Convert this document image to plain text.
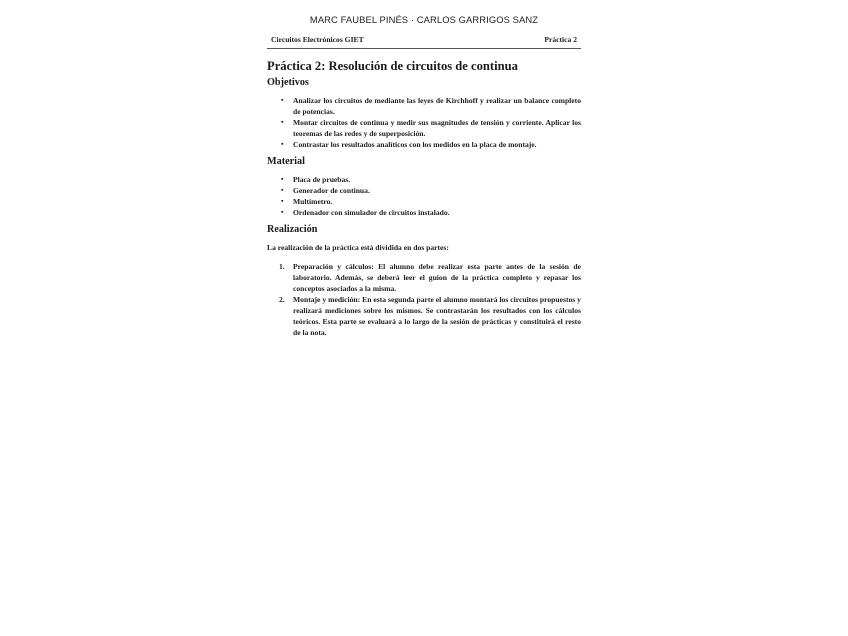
MARC FAUBEL PINÉS · CARLOS GARRIGOS SANZ
Circuitos Electrónicos GIET	Práctica 2
Práctica 2: Resolución de circuitos de continua
Objetivos
▪ Analizar los circuitos de mediante las leyes de Kirchhoff y realizar un balance completo de potencias.
▪ Montar circuitos de continua y medir sus magnitudes de tensión y corriente. Aplicar los teoremas de las redes y de superposición.
▪ Contrastar los resultados analíticos con los medidos en la placa de montaje.
Material
▪ Placa de pruebas.
▪ Generador de continua.
▪ Multímetro.
▪ Ordenador con simulador de circuitos instalado.
Realización

La realización de la práctica está dividida en dos partes:

1. Preparación y cálculos: El alumno debe realizar esta parte antes de la sesión de laboratorio. Además, se deberá leer el guion de la práctica completo y repasar los conceptos asociados a la misma.
2. Montaje y medición: En esta segunda parte el alumno montará los circuitos propuestos y realizará mediciones sobre los mismos. Se contrastarán los resultados con los cálculos teóricos. Esta parte se evaluará a lo largo de la sesión de prácticas y constituirá el resto de la nota.
